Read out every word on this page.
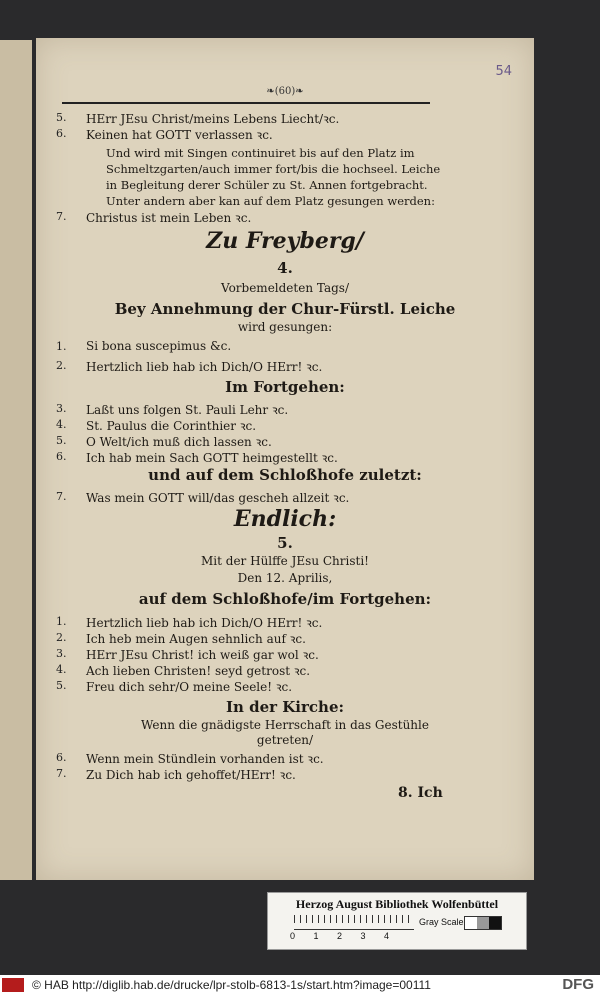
54
❧(60)❧
5. HErr JEsu Christ/meins Lebens Liecht/ꝛc.
6. Keinen hat GOTT verlassen ꝛc.
Und wird mit Singen continuiret bis auf den Platz im
Schmeltzgarten/auch immer fort/bis die hochseel. Leiche
in Begleitung derer Schüler zu St. Annen fortgebracht.
Unter andern aber kan auf dem Platz gesungen werden:
7. Christus ist mein Leben ꝛc.
Zu Freyberg/
4.
Vorbemeldeten Tags/
Bey Annehmung der Chur-Fürstl. Leiche
wird gesungen:
1. Si bona suscepimus &c.
2. Hertzlich lieb hab ich Dich/O HErr! ꝛc.
Im Fortgehen:
3. Laßt uns folgen St. Pauli Lehr ꝛc.
4. St. Paulus die Corinthier ꝛc.
5. O Welt/ich muß dich lassen ꝛc.
6. Ich hab mein Sach GOTT heimgestellt ꝛc.
und auf dem Schloßhofe zuletzt:
7. Was mein GOTT will/das gescheh allzeit ꝛc.
Endlich:
5.
Mit der Hülffe JEsu Christi!
Den 12. Aprilis,
auf dem Schloßhofe/im Fortgehen:
1. Hertzlich lieb hab ich Dich/O HErr! ꝛc.
2. Ich heb mein Augen sehnlich auf ꝛc.
3. HErr JEsu Christ! ich weiß gar wol ꝛc.
4. Ach lieben Christen! seyd getrost ꝛc.
5. Freu dich sehr/O meine Seele! ꝛc.
In der Kirche:
Wenn die gnädigste Herrschaft in das Gestühle
getreten/
6. Wenn mein Stündlein vorhanden ist ꝛc.
7. Zu Dich hab ich gehoffet/HErr! ꝛc.
8. Ich
Herzog August Bibliothek Wolfenbüttel
0 1 2 3 4
Gray Scale
© HAB http://diglib.hab.de/drucke/lpr-stolb-6813-1s/start.htm?image=00111	DFG
